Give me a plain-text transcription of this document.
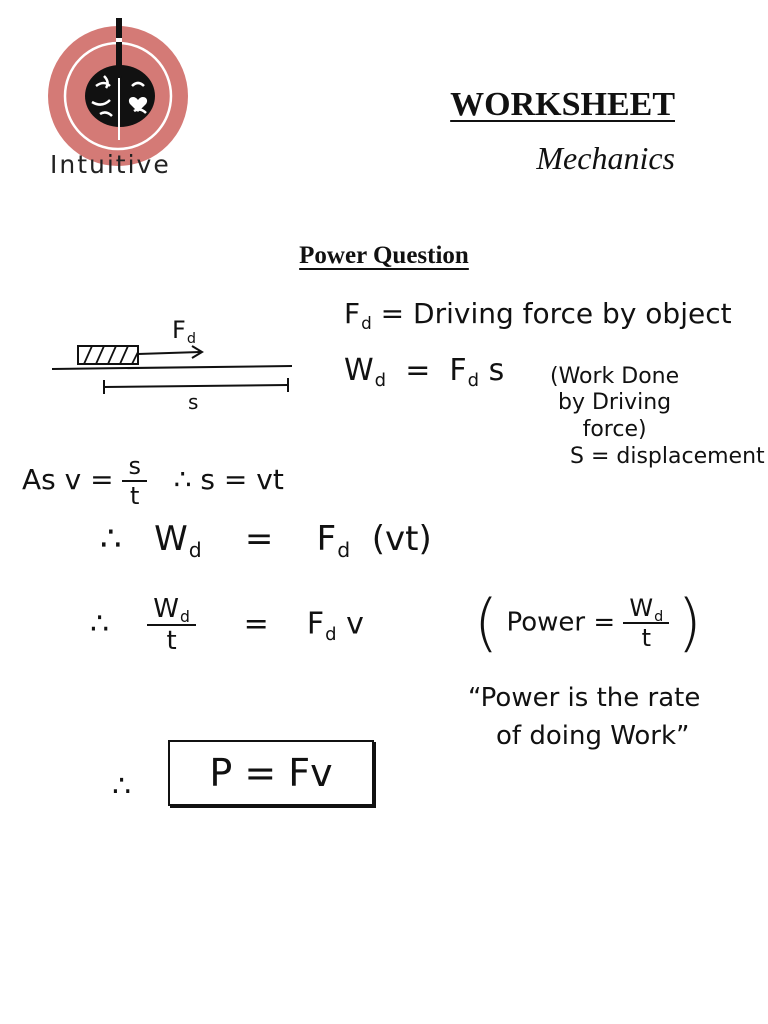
Intuitive
WORKSHEET
Mechanics
Power Question
$F_d$
s
$F_d$ = Driving force by object
$W_d = F_d$ s (Work Done
by Driving
force)
S = displacement
As $v = \frac{s}{t}$ ∴ s = vt
∴ $W_d = F_d$ (vt)
∴ $\frac{W_d}{t} = F_d$ v ( Power = $\frac{W_d}{t}$ )
“Power is the rate
of doing Work”
∴	P = Fv
